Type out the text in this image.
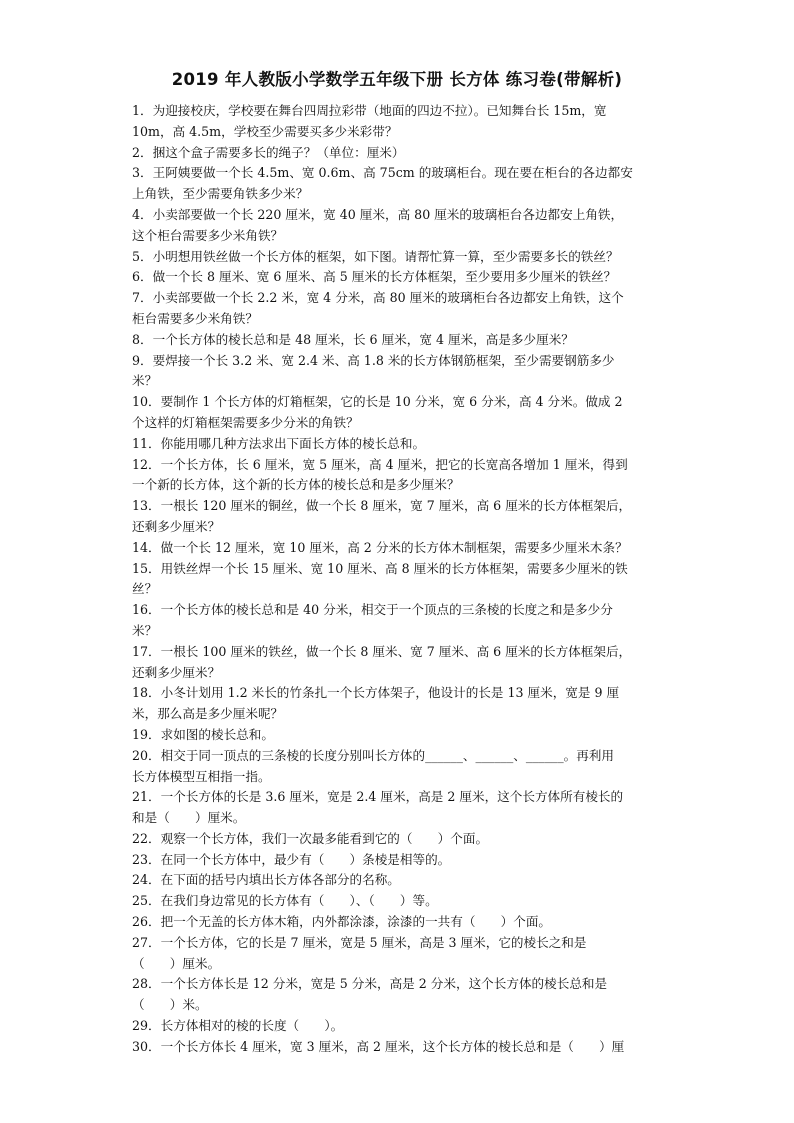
2019 年人教版小学数学五年级下册 长方体 练习卷(带解析)
1．为迎接校庆，学校要在舞台四周拉彩带（地面的四边不拉）。已知舞台长 15m，宽
10m，高 4.5m，学校至少需要买多少米彩带？
2．捆这个盒子需要多长的绳子？（单位：厘米）
3．王阿姨要做一个长 4.5m、宽 0.6m、高 75cm 的玻璃柜台。现在要在柜台的各边都安
上角铁，至少需要角铁多少米？
4．小卖部要做一个长 220 厘米，宽 40 厘米，高 80 厘米的玻璃柜台各边都安上角铁，
这个柜台需要多少米角铁？
5．小明想用铁丝做一个长方体的框架，如下图。请帮忙算一算，至少需要多长的铁丝？
6．做一个长 8 厘米、宽 6 厘米、高 5 厘米的长方体框架，至少要用多少厘米的铁丝？
7．小卖部要做一个长 2.2 米，宽 4 分米，高 80 厘米的玻璃柜台各边都安上角铁，这个
柜台需要多少米角铁？
8．一个长方体的棱长总和是 48 厘米，长 6 厘米，宽 4 厘米，高是多少厘米？
9．要焊接一个长 3.2 米、宽 2.4 米、高 1.8 米的长方体钢筋框架，至少需要钢筋多少
米？
10．要制作 1 个长方体的灯箱框架，它的长是 10 分米，宽 6 分米，高 4 分米。做成 2
个这样的灯箱框架需要多少分米的角铁？
11．你能用哪几种方法求出下面长方体的棱长总和。
12．一个长方体，长 6 厘米，宽 5 厘米，高 4 厘米，把它的长宽高各增加 1 厘米，得到
一个新的长方体，这个新的长方体的棱长总和是多少厘米？
13．一根长 120 厘米的铜丝，做一个长 8 厘米，宽 7 厘米，高 6 厘米的长方体框架后，
还剩多少厘米？
14．做一个长 12 厘米，宽 10 厘米，高 2 分米的长方体木制框架，需要多少厘米木条？
15．用铁丝焊一个长 15 厘米、宽 10 厘米、高 8 厘米的长方体框架，需要多少厘米的铁
丝？
16．一个长方体的棱长总和是 40 分米，相交于一个顶点的三条棱的长度之和是多少分
米？
17．一根长 100 厘米的铁丝，做一个长 8 厘米、宽 7 厘米、高 6 厘米的长方体框架后，
还剩多少厘米？
18．小冬计划用 1.2 米长的竹条扎一个长方体架子，他设计的长是 13 厘米，宽是 9 厘
米，那么高是多少厘米呢？
19．求如图的棱长总和。
20．相交于同一顶点的三条棱的长度分别叫长方体的______、______、______。再利用
长方体模型互相指一指。
21．一个长方体的长是 3.6 厘米，宽是 2.4 厘米，高是 2 厘米，这个长方体所有棱长的
和是（　　）厘米。
22．观察一个长方体，我们一次最多能看到它的（　　）个面。
23．在同一个长方体中，最少有（　　）条棱是相等的。
24．在下面的括号内填出长方体各部分的名称。
25．在我们身边常见的长方体有（　　）、（　　）等。
26．把一个无盖的长方体木箱，内外都涂漆，涂漆的一共有（　　）个面。
27．一个长方体，它的长是 7 厘米，宽是 5 厘米，高是 3 厘米，它的棱长之和是
（　　）厘米。
28．一个长方体长是 12 分米，宽是 5 分米，高是 2 分米，这个长方体的棱长总和是
（　　）米。
29．长方体相对的棱的长度（　　）。
30．一个长方体长 4 厘米，宽 3 厘米，高 2 厘米，这个长方体的棱长总和是（　　）厘
